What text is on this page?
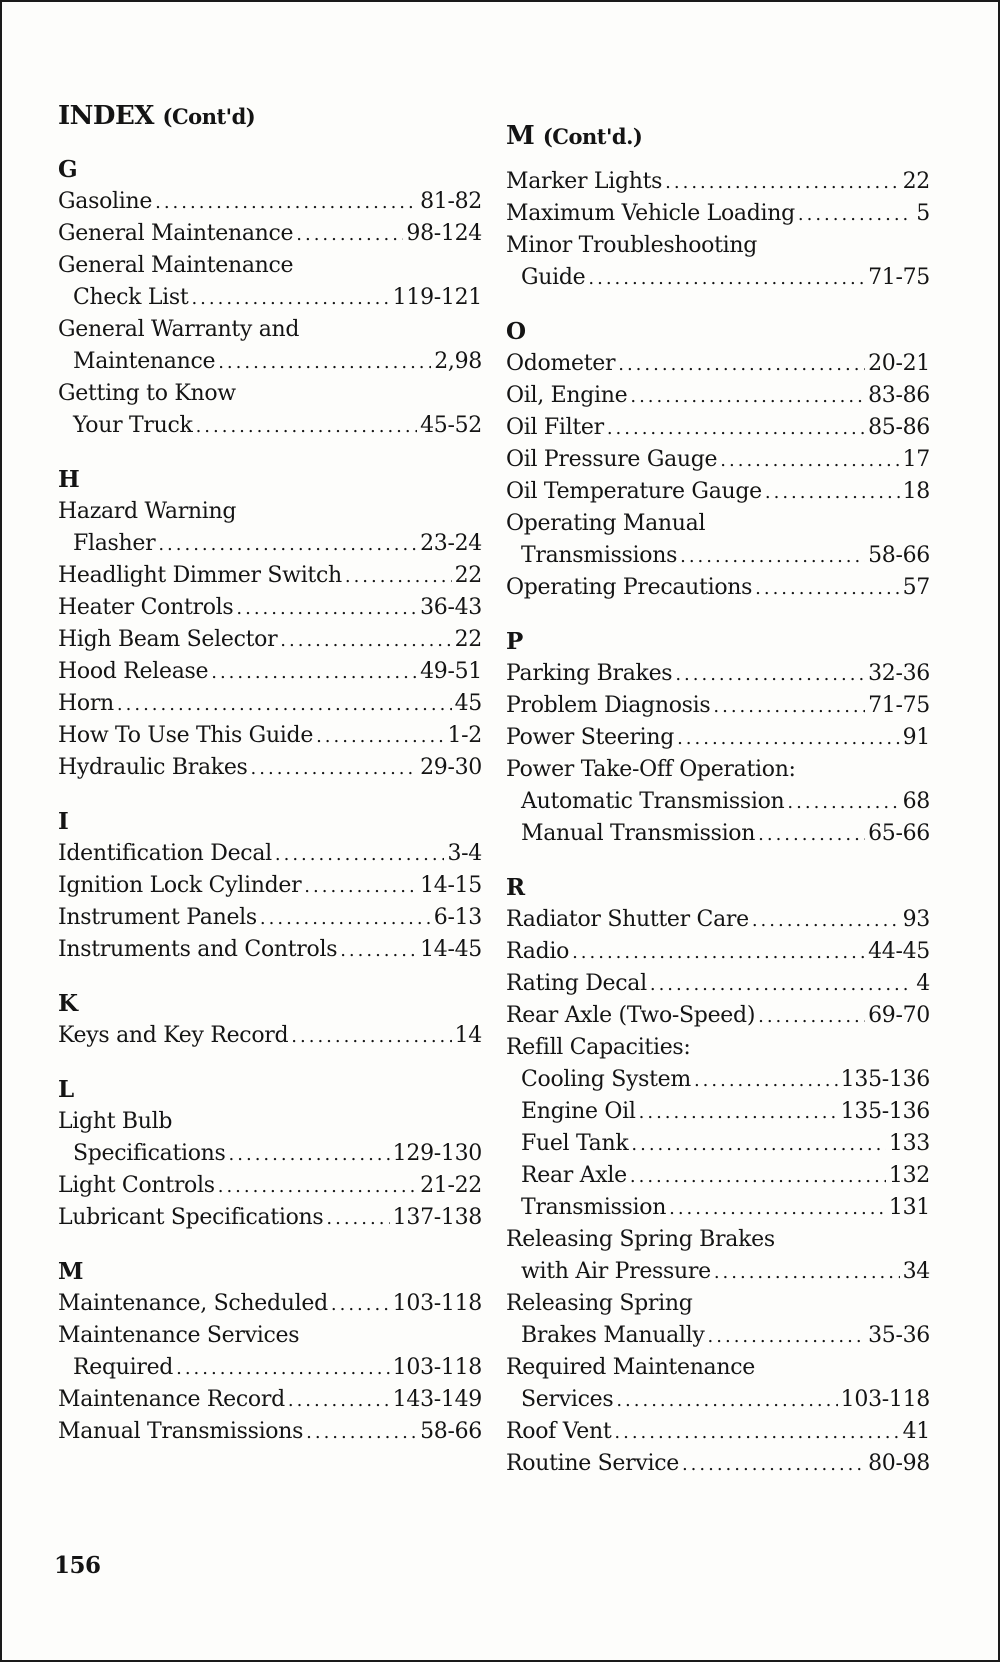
INDEX (Cont'd)
G
Gasoline .....	81-82
General Maintenance .....	98-124
General Maintenance
Check List .....	119-121
General Warranty and
Maintenance .....	2,98
Getting to Know
Your Truck .....	45-52
H
Hazard Warning
Flasher .....	23-24
Headlight Dimmer Switch .....	22
Heater Controls .....	36-43
High Beam Selector .....	22
Hood Release .....	49-51
Horn .....	45
How To Use This Guide .....	1-2
Hydraulic Brakes .....	29-30
I
Identification Decal .....	3-4
Ignition Lock Cylinder .....	14-15
Instrument Panels .....	6-13
Instruments and Controls .....	14-45
K
Keys and Key Record .....	14
L
Light Bulb
Specifications .....	129-130
Light Controls .....	21-22
Lubricant Specifications .....	137-138
M
Maintenance, Scheduled .....	103-118
Maintenance Services
Required .....	103-118
Maintenance Record .....	143-149
Manual Transmissions .....	58-66
M (Cont'd.)
Marker Lights .....	22
Maximum Vehicle Loading .....	5
Minor Troubleshooting
Guide .....	71-75
O
Odometer .....	20-21
Oil, Engine .....	83-86
Oil Filter .....	85-86
Oil Pressure Gauge .....	17
Oil Temperature Gauge .....	18
Operating Manual
Transmissions .....	58-66
Operating Precautions .....	57
P
Parking Brakes .....	32-36
Problem Diagnosis .....	71-75
Power Steering .....	91
Power Take-Off Operation:
Automatic Transmission .....	68
Manual Transmission .....	65-66
R
Radiator Shutter Care .....	93
Radio .....	44-45
Rating Decal .....	4
Rear Axle (Two-Speed) .....	69-70
Refill Capacities:
Cooling System .....	135-136
Engine Oil .....	135-136
Fuel Tank .....	133
Rear Axle .....	132
Transmission .....	131
Releasing Spring Brakes
with Air Pressure .....	34
Releasing Spring
Brakes Manually .....	35-36
Required Maintenance
Services .....	103-118
Roof Vent .....	41
Routine Service .....	80-98
156
